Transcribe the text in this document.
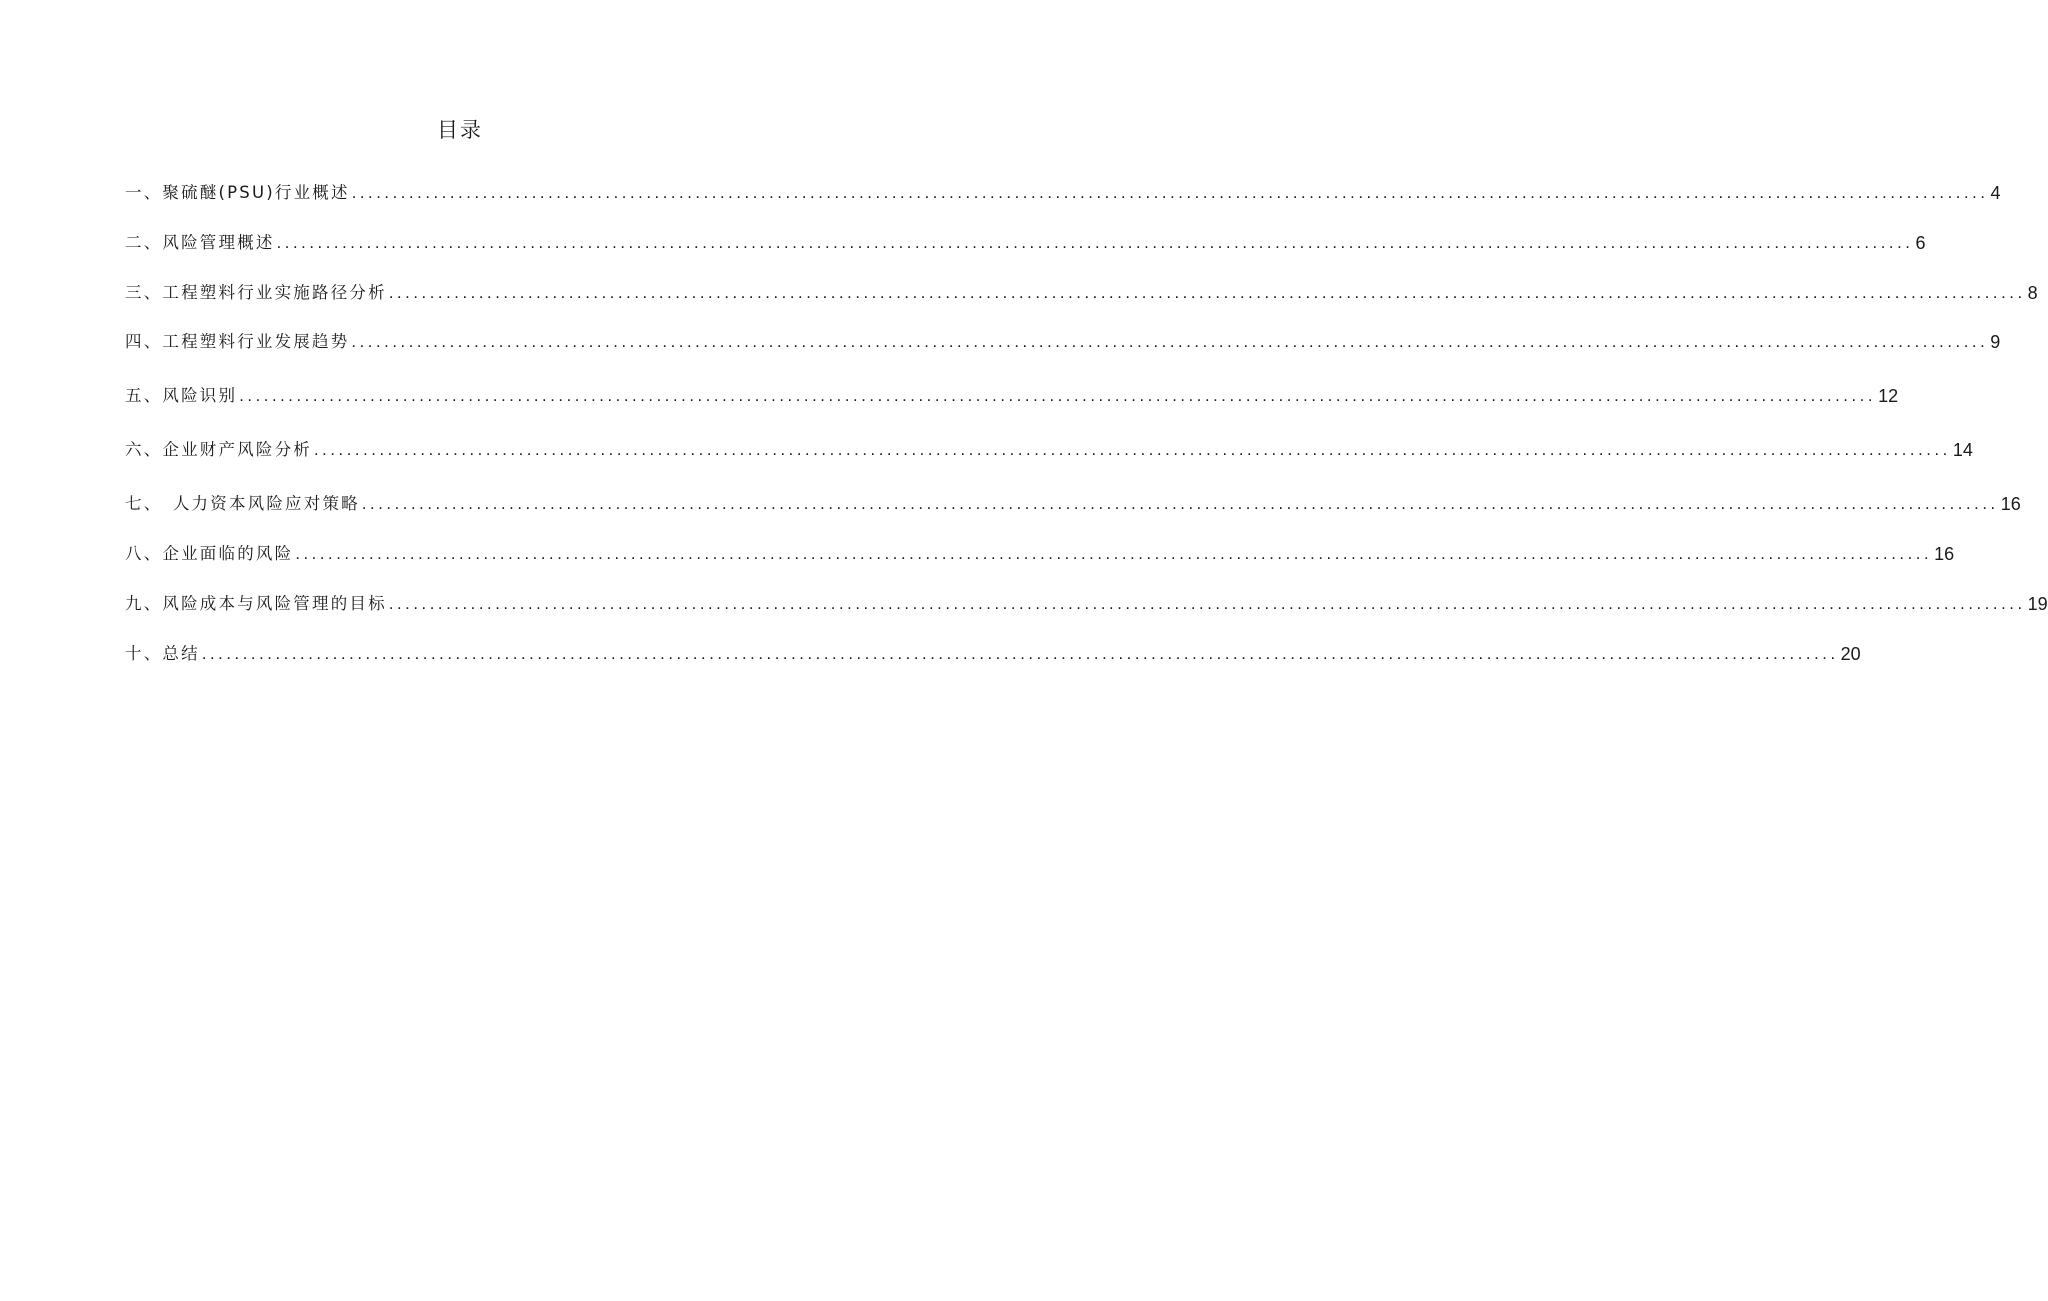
目录
一、聚硫醚(PSU)行业概述 ........................................................................................................................................................................................................ 4
二、风险管理概述 ........................................................................................................................................................................................................ 6
三、工程塑料行业实施路径分析 ........................................................................................................................................................................................................ 8
四、工程塑料行业发展趋势 ........................................................................................................................................................................................................ 9
五、风险识别 ........................................................................................................................................................................................................ 12
六、企业财产风险分析 ........................................................................................................................................................................................................ 14
七、　人力资本风险应对策略 ........................................................................................................................................................................................................ 16
八、企业面临的风险 ........................................................................................................................................................................................................ 16
九、风险成本与风险管理的目标 ........................................................................................................................................................................................................ 19
十、总结 ........................................................................................................................................................................................................ 20
